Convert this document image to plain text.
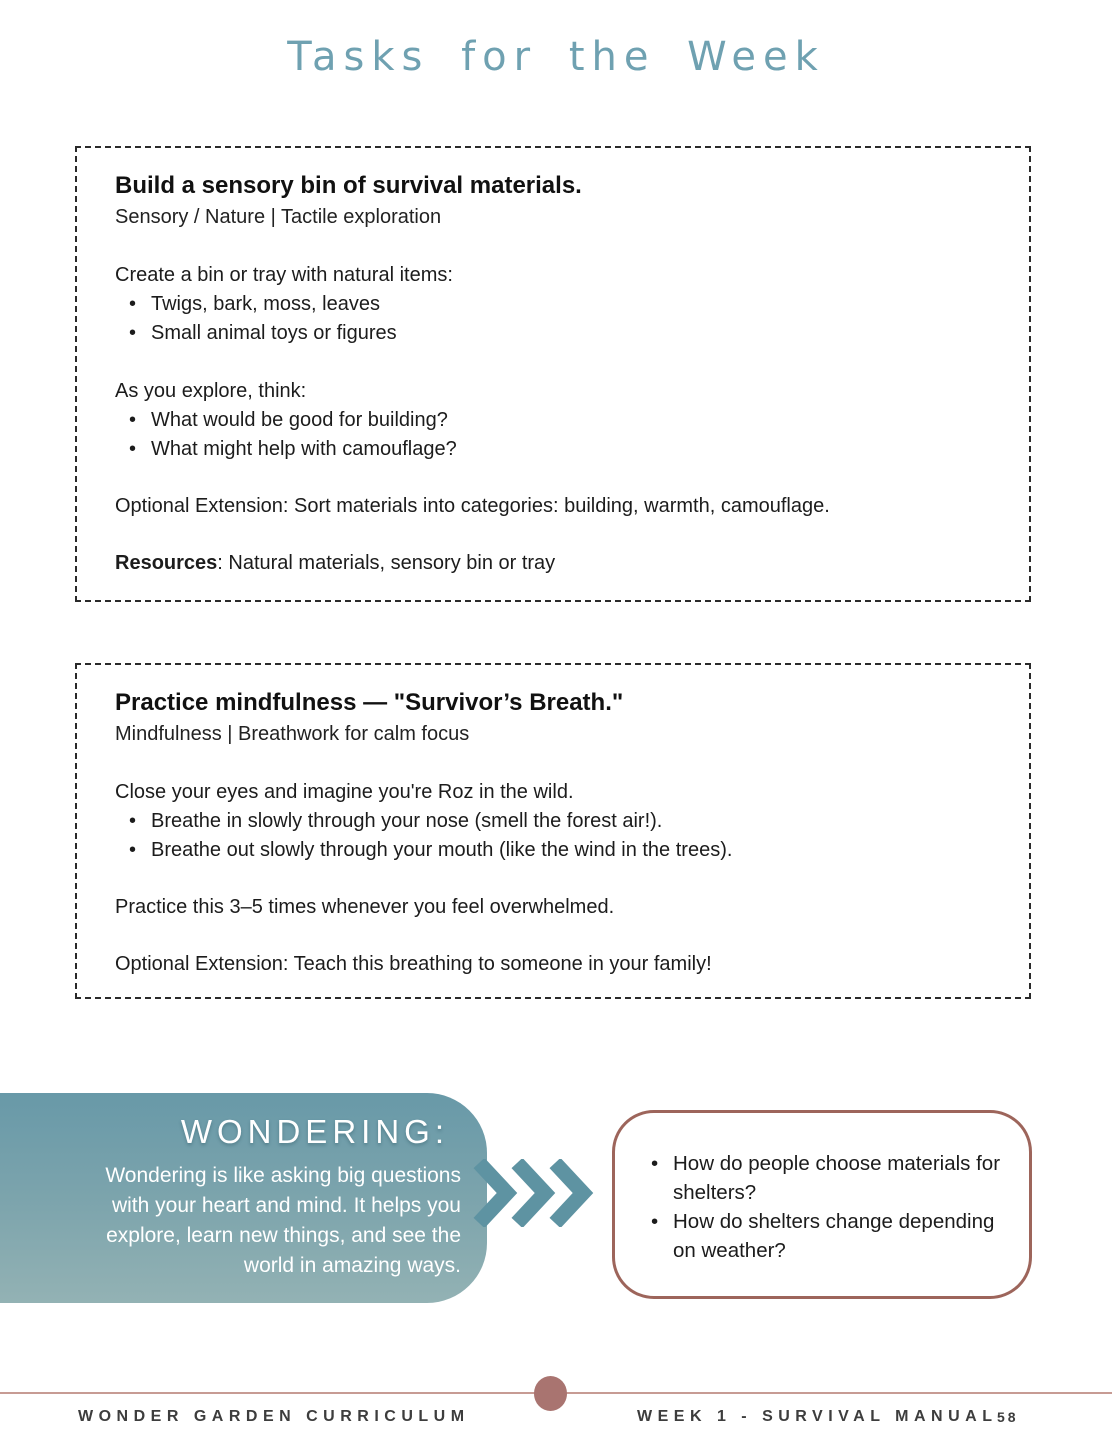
Tasks for the Week
Build a sensory bin of survival materials.

Sensory / Nature | Tactile exploration

Create a bin or tray with natural items:

• Twigs, bark, moss, leaves
• Small animal toys or figures

As you explore, think:

• What would be good for building?
• What might help with camouflage?

Optional Extension: Sort materials into categories: building, warmth, camouflage.

Resources: Natural materials, sensory bin or tray

Practice mindfulness — "Survivor’s Breath."

Mindfulness | Breathwork for calm focus

Close your eyes and imagine you're Roz in the wild.

• Breathe in slowly through your nose (smell the forest air!).
• Breathe out slowly through your mouth (like the wind in the trees).

Practice this 3–5 times whenever you feel overwhelmed.

Optional Extension: Teach this breathing to someone in your family!

WONDERING:
Wondering is like asking big questions
with your heart and mind. It helps you
explore, learn new things, and see the
world in amazing ways.
• How do people choose materials for shelters?
• How do shelters change depending on weather?
WONDER GARDEN CURRICULUM	WEEK 1 - SURVIVAL MANUAL 58
